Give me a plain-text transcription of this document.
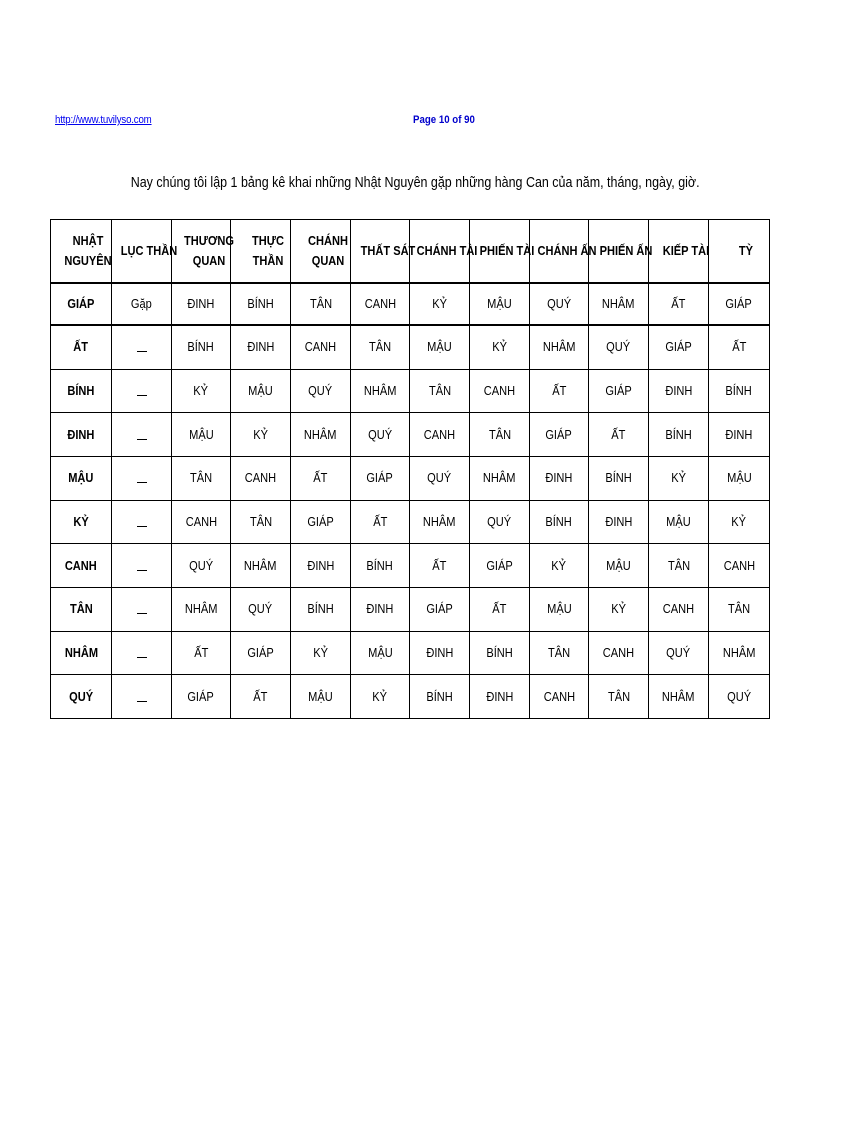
http://www.tuvilyso.com	Page 10 of 90
Nay chúng tôi lập 1 bảng kê khai những Nhật Nguyên gặp những hàng Can của năm, tháng, ngày, giờ.
NHẬT NGUYÊN	LỤC THẦN	THƯƠNG QUAN	THỰC THẦN	CHÁNH QUAN	THẤT SÁT	CHÁNH TÀI	PHIẾN TÀI	CHÁNH ẤN	PHIẾN ẤN	KIẾP TÀI	TỲ
GIÁP	Gặp	ĐINH	BÍNH	TÂN	CANH	KỶ	MẬU	QUÝ	NHÂM	ẤT	GIÁP
ẤT		BÍNH	ĐINH	CANH	TÂN	MẬU	KỶ	NHÂM	QUÝ	GIÁP	ẤT
BÍNH		KỶ	MẬU	QUÝ	NHÂM	TÂN	CANH	ẤT	GIÁP	ĐINH	BÍNH
ĐINH		MẬU	KỶ	NHÂM	QUÝ	CANH	TÂN	GIÁP	ẤT	BÍNH	ĐINH
MẬU		TÂN	CANH	ẤT	GIÁP	QUÝ	NHÂM	ĐINH	BÍNH	KỶ	MẬU
KỶ		CANH	TÂN	GIÁP	ẤT	NHÂM	QUÝ	BÍNH	ĐINH	MẬU	KỶ
CANH		QUÝ	NHÂM	ĐINH	BÍNH	ẤT	GIÁP	KỶ	MẬU	TÂN	CANH
TÂN		NHÂM	QUÝ	BÍNH	ĐINH	GIÁP	ẤT	MẬU	KỶ	CANH	TÂN
NHÂM		ẤT	GIÁP	KỶ	MẬU	ĐINH	BÍNH	TÂN	CANH	QUÝ	NHÂM
QUÝ		GIÁP	ẤT	MẬU	KỶ	BÍNH	ĐINH	CANH	TÂN	NHÂM	QUÝ
